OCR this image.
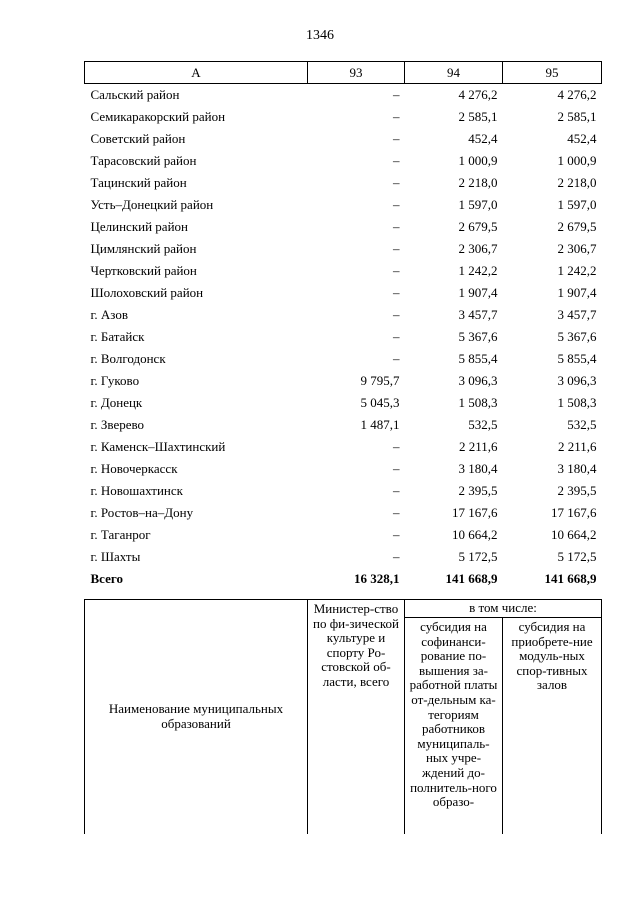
1346
А	93	94	95
Сальский район	–	4 276,2	4 276,2
Семикаракорский район	–	2 585,1	2 585,1
Советский район	–	452,4	452,4
Тарасовский район	–	1 000,9	1 000,9
Тацинский район	–	2 218,0	2 218,0
Усть–Донецкий район	–	1 597,0	1 597,0
Целинский район	–	2 679,5	2 679,5
Цимлянский район	–	2 306,7	2 306,7
Чертковский район	–	1 242,2	1 242,2
Шолоховский район	–	1 907,4	1 907,4
г. Азов	–	3 457,7	3 457,7
г. Батайск	–	5 367,6	5 367,6
г. Волгодонск	–	5 855,4	5 855,4
г. Гуково	9 795,7	3 096,3	3 096,3
г. Донецк	5 045,3	1 508,3	1 508,3
г. Зверево	1 487,1	532,5	532,5
г. Каменск–Шахтинский	–	2 211,6	2 211,6
г. Новочеркасск	–	3 180,4	3 180,4
г. Новошахтинск	–	2 395,5	2 395,5
г. Ростов–на–Дону	–	17 167,6	17 167,6
г. Таганрог	–	10 664,2	10 664,2
г. Шахты	–	5 172,5	5 172,5
Всего	16 328,1	141 668,9	141 668,9
Наименование муниципальных образований	Министер-ство по фи-зической культуре и спорту Ро-стовской об-ласти, всего	в том числе:	
		субсидия на софинанси-рование по-вышения за-работной платы от-дельным ка-тегориям работников муниципаль-ных учре-ждений до-полнитель-ного образо-	субсидия на приобрете-ние модуль-ных спор-тивных залов
